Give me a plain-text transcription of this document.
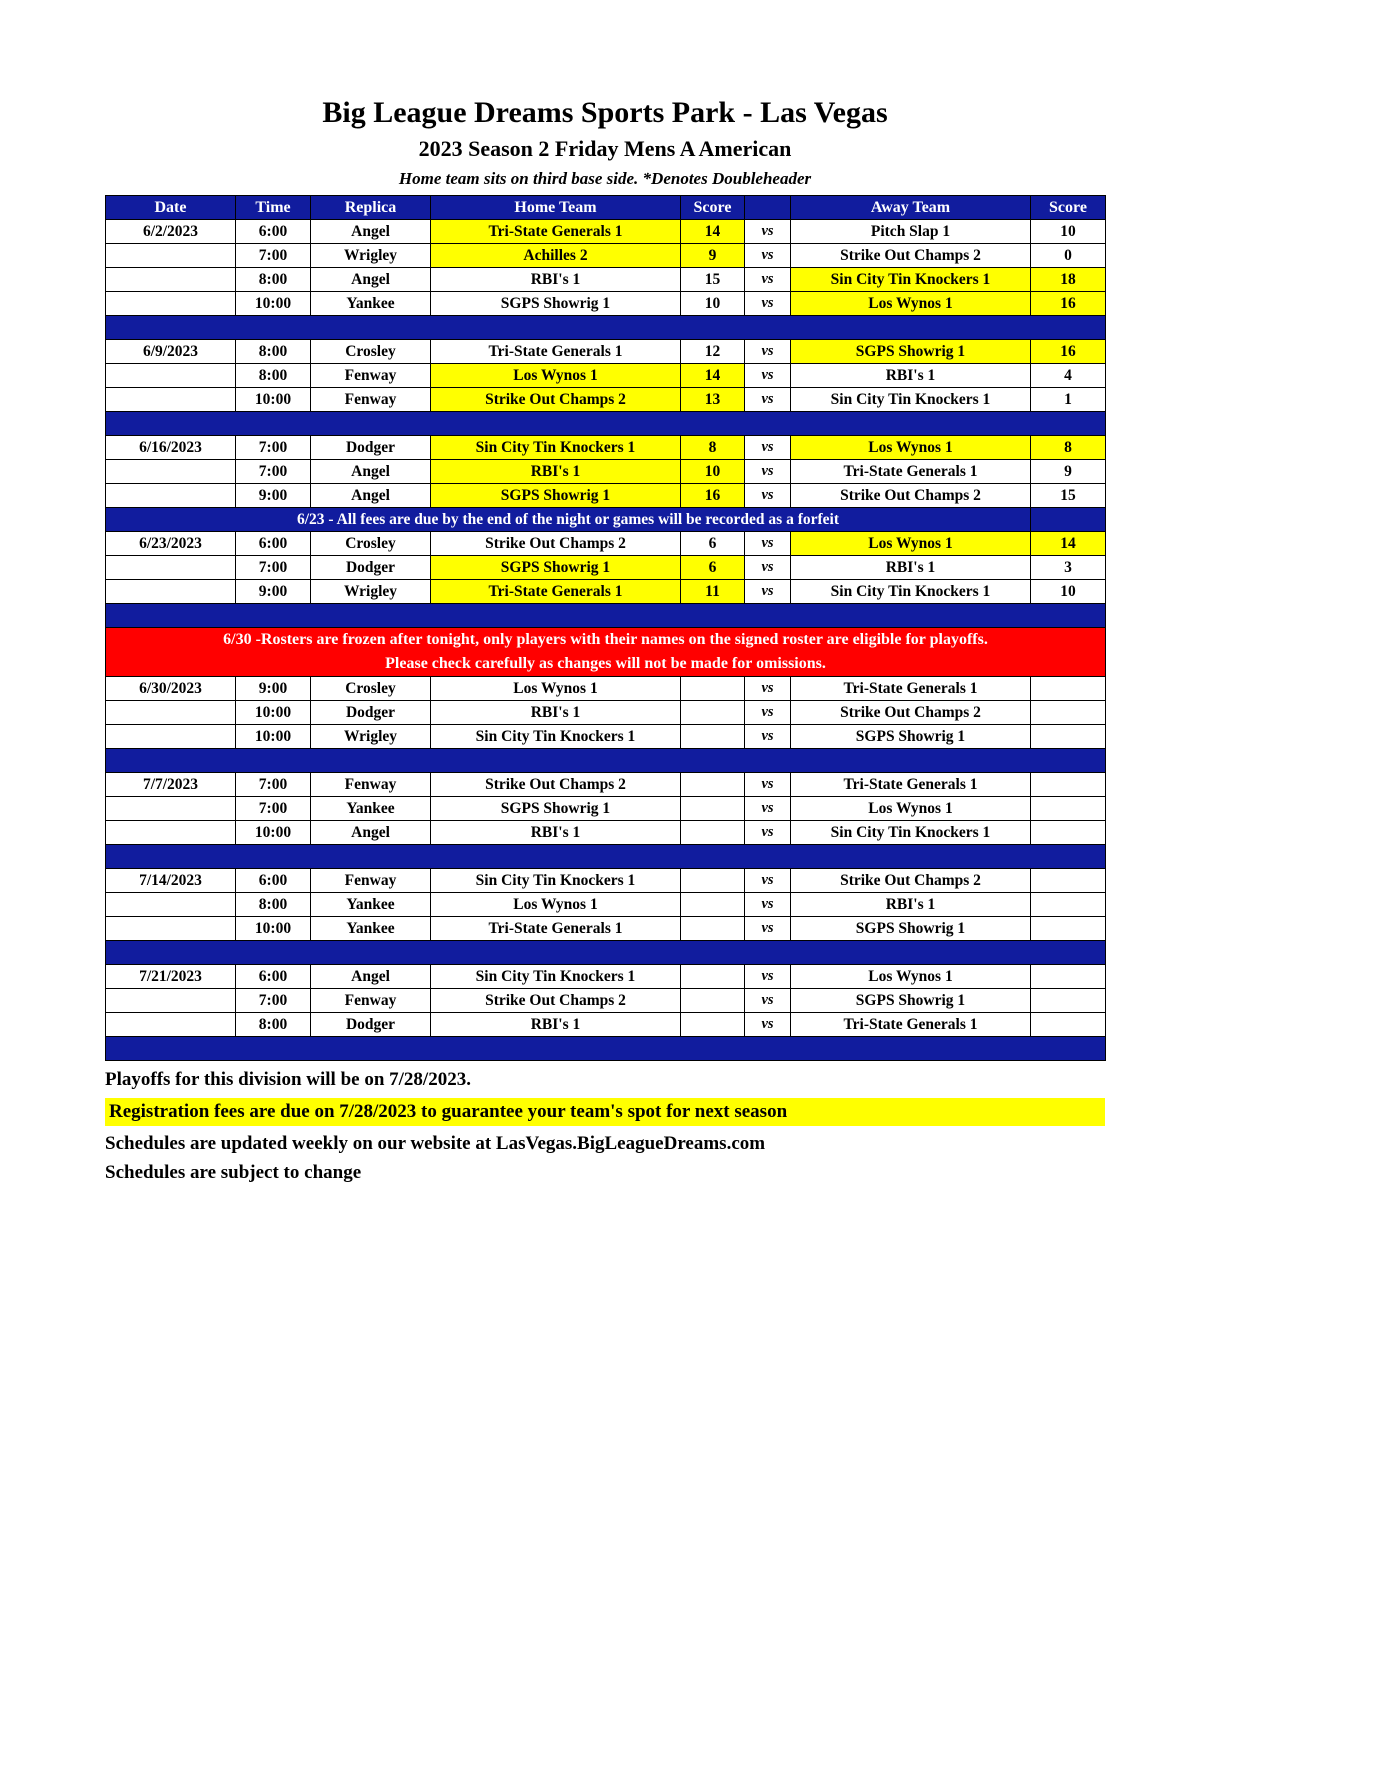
Big League Dreams Sports Park - Las Vegas
2023 Season 2 Friday Mens A American
Home team sits on third base side. *Denotes Doubleheader
Date	Time	Replica	Home Team	Score		Away Team	Score
6/2/2023	6:00	Angel	Tri-State Generals 1	14	vs	Pitch Slap 1	10
	7:00	Wrigley	Achilles 2	9	vs	Strike Out Champs 2	0
	8:00	Angel	RBI's 1	15	vs	Sin City Tin Knockers 1	18
	10:00	Yankee	SGPS Showrig 1	10	vs	Los Wynos 1	16

6/9/2023	8:00	Crosley	Tri-State Generals 1	12	vs	SGPS Showrig 1	16
	8:00	Fenway	Los Wynos 1	14	vs	RBI's 1	4
	10:00	Fenway	Strike Out Champs 2	13	vs	Sin City Tin Knockers 1	1

6/16/2023	7:00	Dodger	Sin City Tin Knockers 1	8	vs	Los Wynos 1	8
	7:00	Angel	RBI's 1	10	vs	Tri-State Generals 1	9
	9:00	Angel	SGPS Showrig 1	16	vs	Strike Out Champs 2	15
6/23 - All fees are due by the end of the night or games will be recorded as a forfeit							
6/23/2023	6:00	Crosley	Strike Out Champs 2	6	vs	Los Wynos 1	14
	7:00	Dodger	SGPS Showrig 1	6	vs	RBI's 1	3
	9:00	Wrigley	Tri-State Generals 1	11	vs	Sin City Tin Knockers 1	10

6/30 -Rosters are frozen after tonight, only players with their names on the signed roster are eligible for playoffs.
Please check carefully as changes will not be made for omissions.							

6/30/2023	9:00	Crosley	Los Wynos 1		vs	Tri-State Generals 1	
	10:00	Dodger	RBI's 1		vs	Strike Out Champs 2	
	10:00	Wrigley	Sin City Tin Knockers 1		vs	SGPS Showrig 1	

7/7/2023	7:00	Fenway	Strike Out Champs 2		vs	Tri-State Generals 1	
	7:00	Yankee	SGPS Showrig 1		vs	Los Wynos 1	
	10:00	Angel	RBI's 1		vs	Sin City Tin Knockers 1	

7/14/2023	6:00	Fenway	Sin City Tin Knockers 1		vs	Strike Out Champs 2	
	8:00	Yankee	Los Wynos 1		vs	RBI's 1	
	10:00	Yankee	Tri-State Generals 1		vs	SGPS Showrig 1	

7/21/2023	6:00	Angel	Sin City Tin Knockers 1		vs	Los Wynos 1	
	7:00	Fenway	Strike Out Champs 2		vs	SGPS Showrig 1	
	8:00	Dodger	RBI's 1		vs	Tri-State Generals 1	

Playoffs for this division will be on 7/28/2023.
Registration fees are due on 7/28/2023 to guarantee your team's spot for next season
Schedules are updated weekly on our website at LasVegas.BigLeagueDreams.com
Schedules are subject to change
